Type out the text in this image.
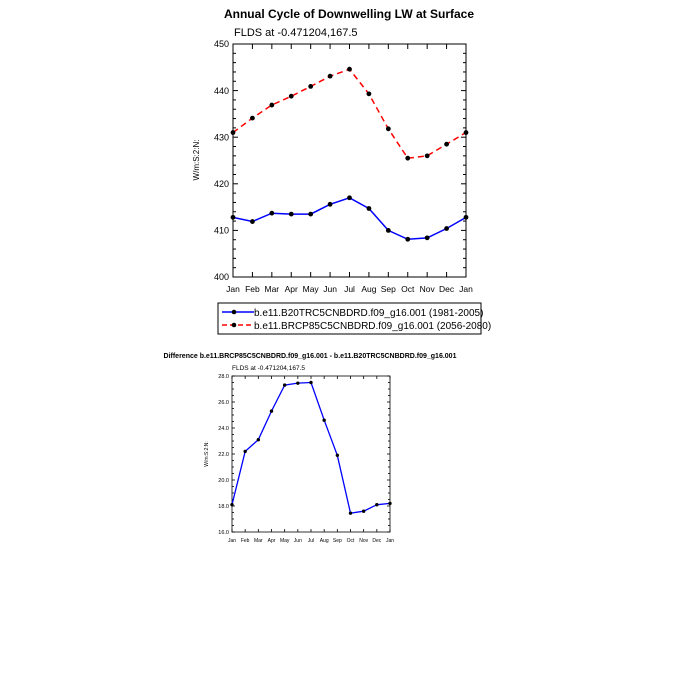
Annual Cycle of Downwelling LW at Surface
FLDS at -0.471204,167.5
W/m:S:2:N:
400
410
420
430
440
450
Jan Feb Mar Apr May Jun Jul Aug Sep Oct Nov Dec Jan
b.e11.B20TRC5CNBDRD.f09_g16.001 (1981-2005)
b.e11.BRCP85C5CNBDRD.f09_g16.001 (2056-2080)
Difference b.e11.BRCP85C5CNBDRD.f09_g16.001 - b.e11.B20TRC5CNBDRD.f09_g16.001
FLDS at -0.471204,167.5
W/m:S:2:N:
16.0
18.0
20.0
22.0
24.0
26.0
28.0
Jan Feb Mar Apr May Jun Jul Aug Sep Oct Nov Dec Jan
